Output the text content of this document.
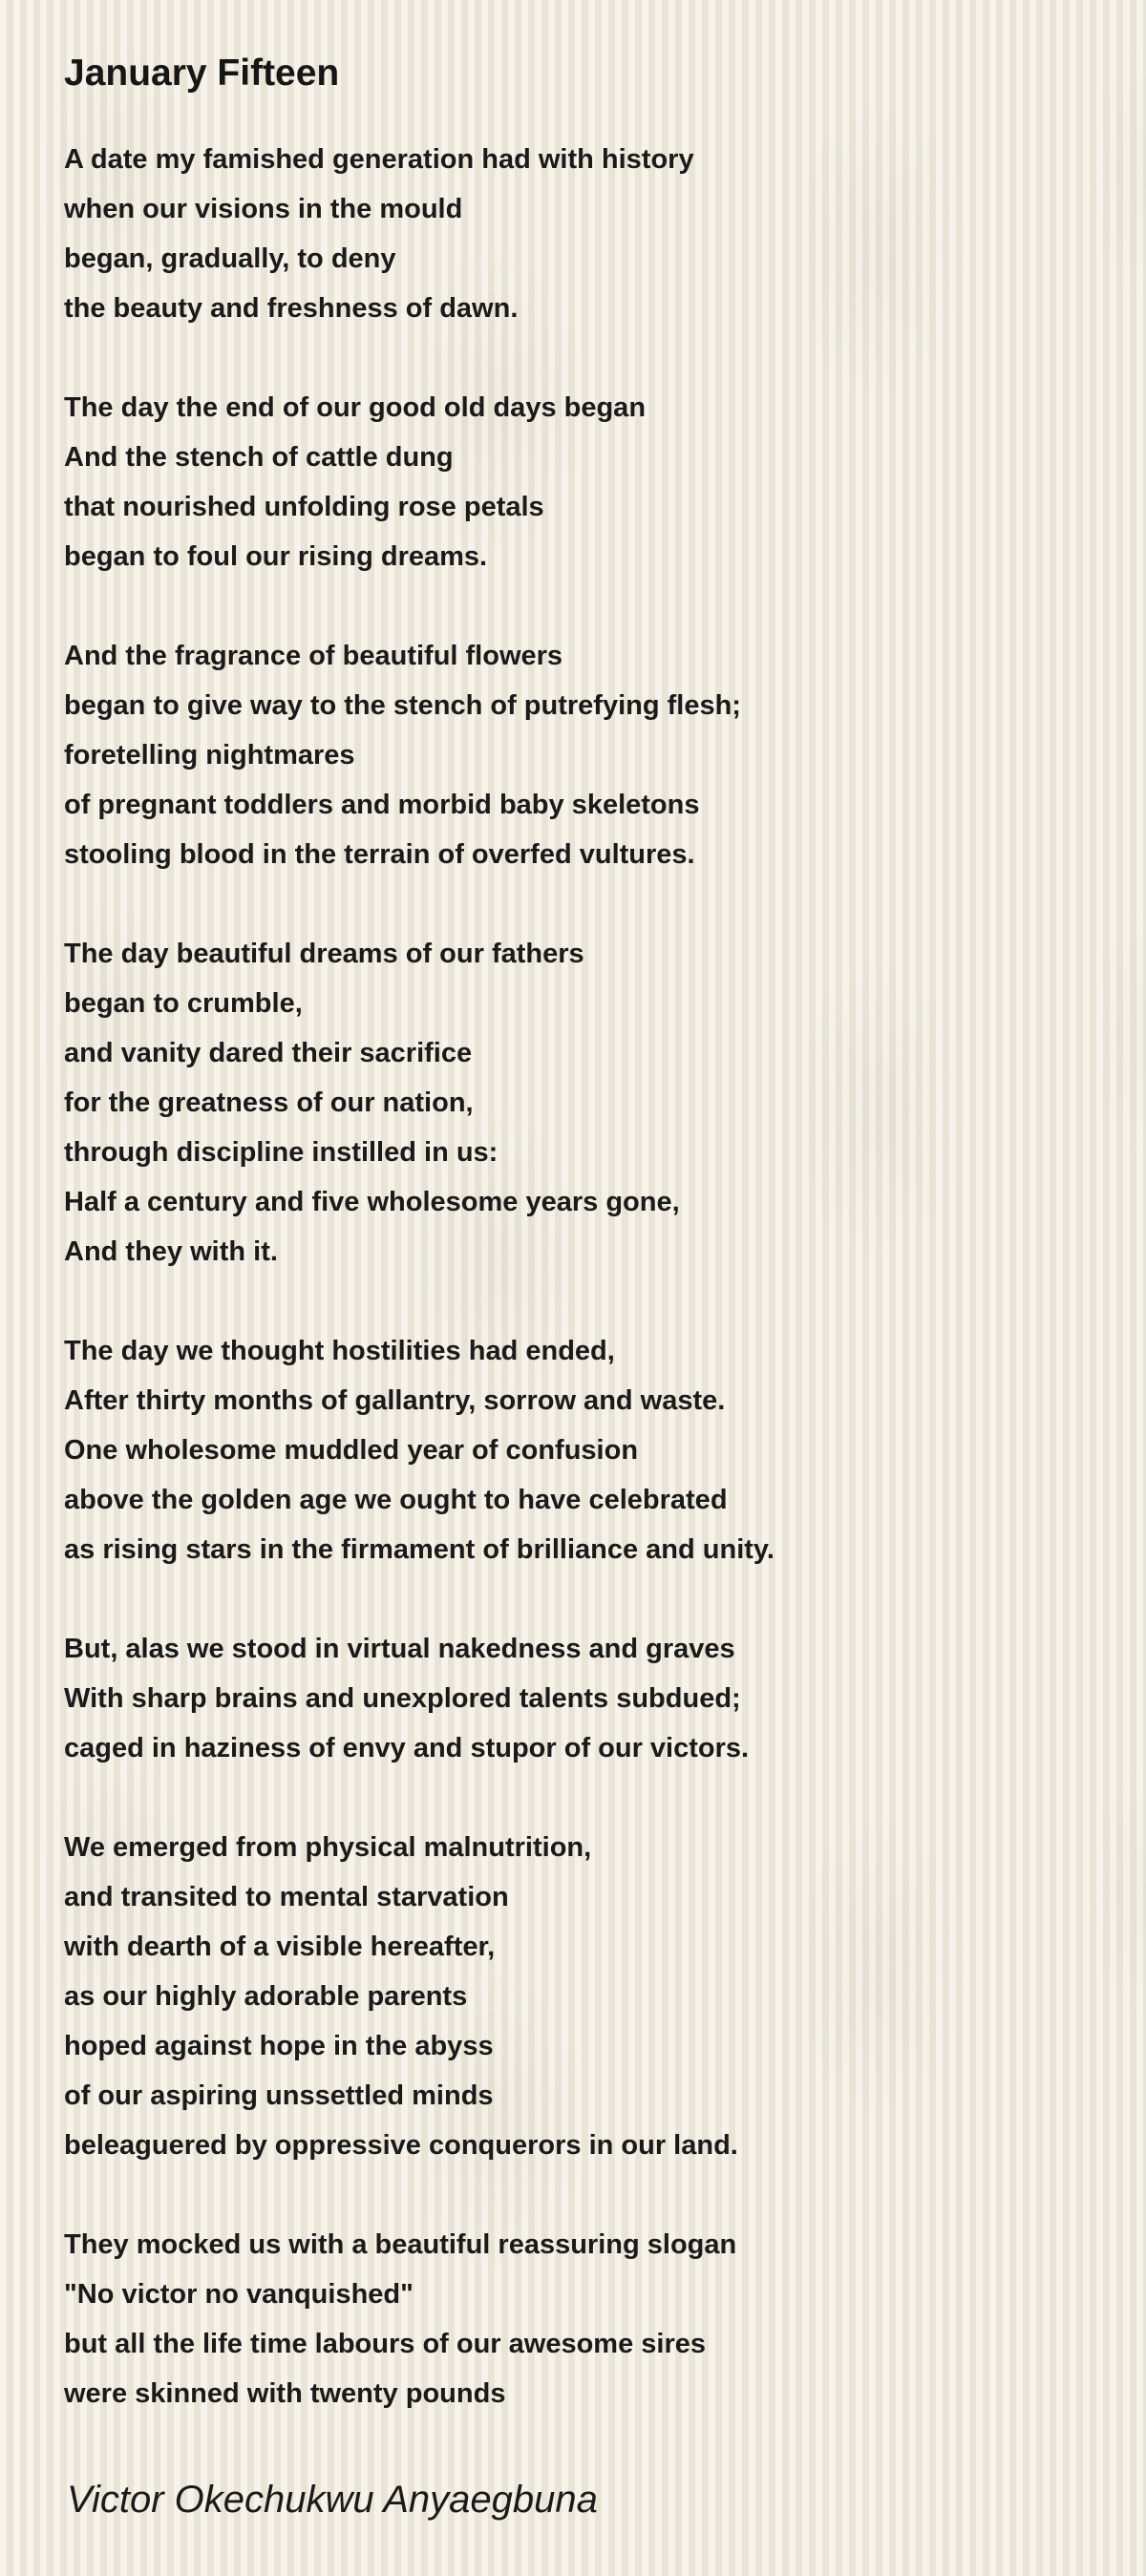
January Fifteen
A date my famished generation had with history
when our visions in the mould
began, gradually, to deny
the beauty and freshness of dawn.
The day the end of our good old days began
And the stench of cattle dung
that nourished unfolding rose petals
began to foul our rising dreams.
And the fragrance of beautiful flowers
began to give way to the stench of putrefying flesh;
foretelling nightmares
of pregnant toddlers and morbid baby skeletons
stooling blood in the terrain of overfed vultures.
The day beautiful dreams of our fathers
began to crumble,
and vanity dared their sacrifice
for the greatness of our nation,
through discipline instilled in us:
Half a century and five wholesome years gone,
And they with it.
The day we thought hostilities had ended,
After thirty months of gallantry, sorrow and waste.
One wholesome muddled year of confusion
above the golden age we ought to have celebrated
as rising stars in the firmament of brilliance and unity.
But, alas we stood in virtual nakedness and graves
With sharp brains and unexplored talents subdued;
caged in haziness of envy and stupor of our victors.
We emerged from physical malnutrition,
and transited to mental starvation
with dearth of a visible hereafter,
as our highly adorable parents
hoped against hope in the abyss
of our aspiring unssettled minds
beleaguered by oppressive conquerors in our land.
They mocked us with a beautiful reassuring slogan
"No victor no vanquished"
but all the life time labours of our awesome sires
were skinned with twenty pounds
Victor Okechukwu Anyaegbuna
